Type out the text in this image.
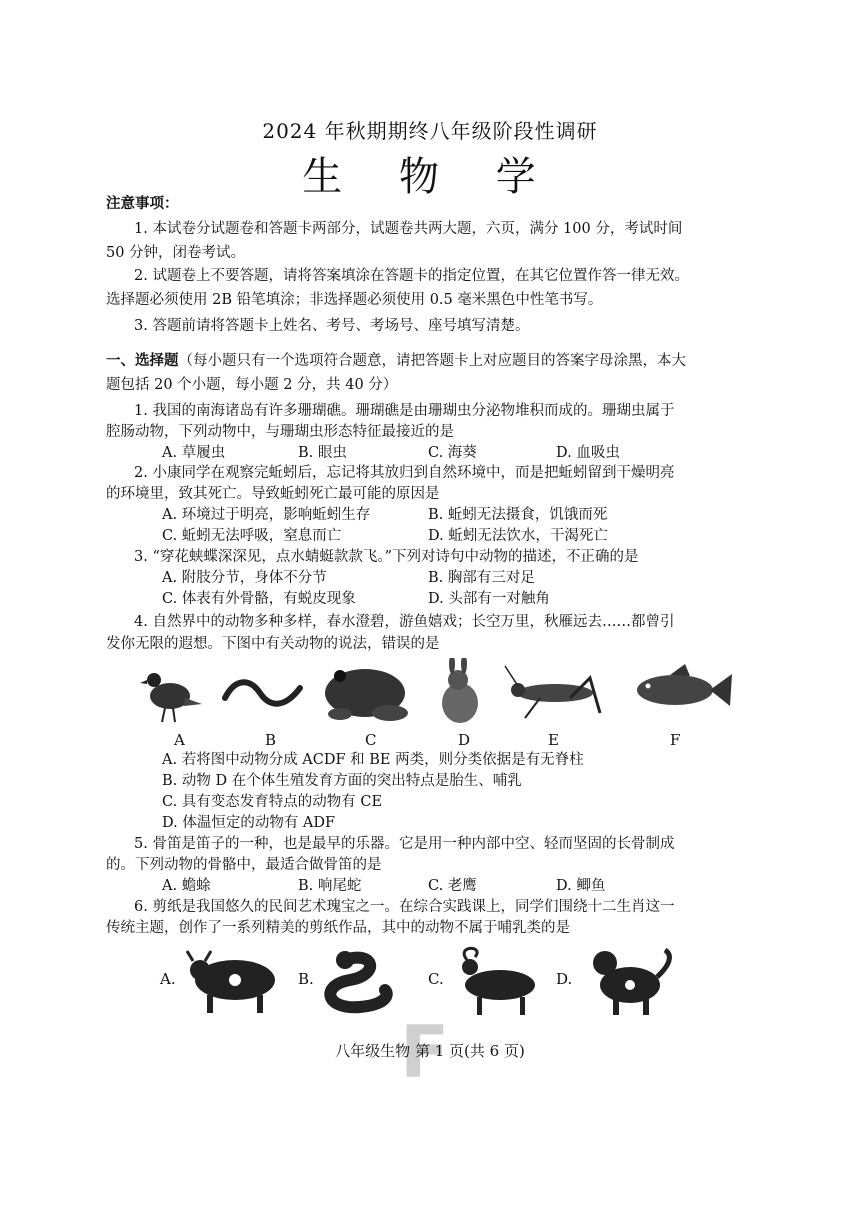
2024 年秋期期终八年级阶段性调研
生 物 学
注意事项：
1. 本试卷分试题卷和答题卡两部分，试题卷共两大题，六页，满分 100 分，考试时间
50 分钟，闭卷考试。
2. 试题卷上不要答题，请将答案填涂在答题卡的指定位置，在其它位置作答一律无效。
选择题必须使用 2B 铅笔填涂；非选择题必须使用 0.5 毫米黑色中性笔书写。
3. 答题前请将答题卡上姓名、考号、考场号、座号填写清楚。
一、选择题（每小题只有一个选项符合题意，请把答题卡上对应题目的答案字母涂黑，本大
题包括 20 个小题，每小题 2 分，共 40 分）
1. 我国的南海诸岛有许多珊瑚礁。珊瑚礁是由珊瑚虫分泌物堆积而成的。珊瑚虫属于
腔肠动物，下列动物中，与珊瑚虫形态特征最接近的是
A. 草履虫	B. 眼虫	C. 海葵	D. 血吸虫
2. 小康同学在观察完蚯蚓后，忘记将其放归到自然环境中，而是把蚯蚓留到干燥明亮
的环境里，致其死亡。导致蚯蚓死亡最可能的原因是
A. 环境过于明亮，影响蚯蚓生存	B. 蚯蚓无法摄食，饥饿而死
C. 蚯蚓无法呼吸，窒息而亡	D. 蚯蚓无法饮水，干渴死亡
3. “穿花蛱蝶深深见，点水蜻蜓款款飞。”下列对诗句中动物的描述，不正确的是
A. 附肢分节，身体不分节	B. 胸部有三对足
C. 体表有外骨骼，有蜕皮现象	D. 头部有一对触角
4. 自然界中的动物多种多样，春水澄碧，游鱼嬉戏；长空万里，秋雁远去……都曾引
发你无限的遐想。下图中有关动物的说法，错误的是
A	B	C	D	E	F
A. 若将图中动物分成 ACDF 和 BE 两类，则分类依据是有无脊柱
B. 动物 D 在个体生殖发育方面的突出特点是胎生、哺乳
C. 具有变态发育特点的动物有 CE
D. 体温恒定的动物有 ADF
5. 骨笛是笛子的一种，也是最早的乐器。它是用一种内部中空、轻而坚固的长骨制成
的。下列动物的骨骼中，最适合做骨笛的是
A. 蟾蜍	B. 响尾蛇	C. 老鹰	D. 鲫鱼
6. 剪纸是我国悠久的民间艺术瑰宝之一。在综合实践课上，同学们围绕十二生肖这一
传统主题，创作了一系列精美的剪纸作品，其中的动物不属于哺乳类的是
A.	B.	C.	D.
F
八年级生物 第 1 页(共 6 页)
